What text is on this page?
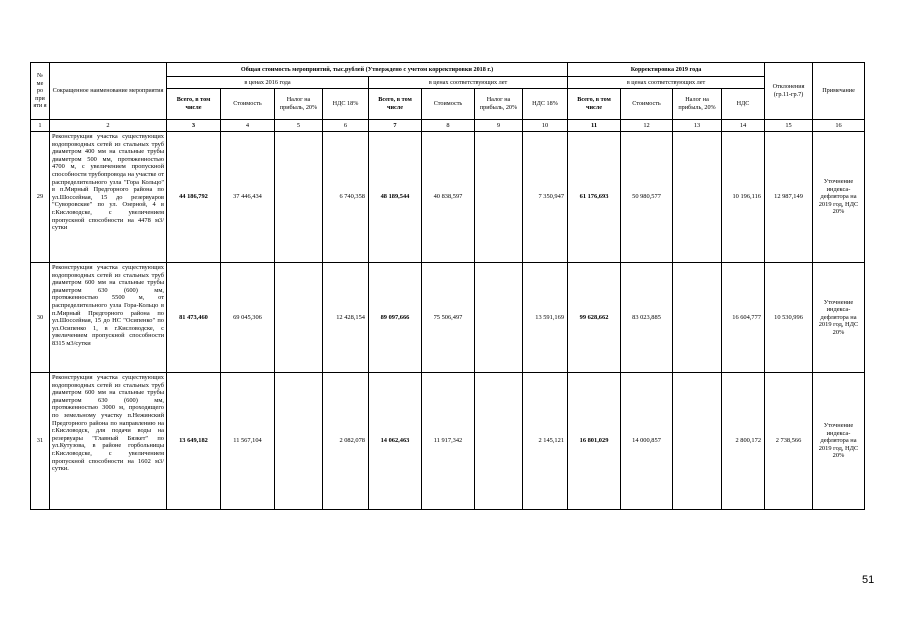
№ ме ро при яти я	Сокращенное наименование мероприятия	Общая стоимость мероприятий, тыс.рублей (Утверждено с учетом корректировки 2018 г.)								Корректировка 2019 года				Отклонения (гр.11-гр.7)	Примечание
		в ценах 2016 года				в ценах соответствующих лет				в ценах соответствующих лет					
		Всего, в том числе	Стоимость	Налог на прибыль, 20%	НДС 18%	Всего, в том числе	Стоимость	Налог на прибыль, 20%	НДС 18%	Всего, в том числе	Стоимость	Налог на прибыль, 20%	НДС		
1	2	3	4	5	6	7	8	9	10	11	12	13	14	15	16
29	Реконструкция участка существующих водопроводных сетей из стальных труб диаметром 400 мм на стальные трубы диаметром 500 мм, протяженностью 4700 м, с увеличением пропускной способности трубопровода на участке от распределительного узла "Гора Кольцо" в п.Мирный Предгорного района по ул.Шоссейная, 15 до резервуаров "Суворовские" по ул. Озерной, 4 в г.Кисловодске, с увеличением пропускной способности на 4478 м3/сутки	44 186,792	37 446,434		6 740,358	48 189,544	40 838,597		7 350,947	61 176,693	50 980,577		10 196,116	12 987,149	Уточнение индекса-дефлятора на 2019 год, НДС 20%
30	Реконструкция участка существующих водопроводных сетей из стальных труб диаметром 600 мм на стальные трубы диаметром 630 (600) мм, протяженностью 5500 м, от распределительного узла Гора-Кольцо в п.Мирный Предгорного района по ул.Шоссейная, 15 до НС "Осипенко" по ул.Осипенко 1, в г.Кисловодске, с увеличением пропускной способности 8315 м3/сутки	81 473,460	69 045,306		12 428,154	89 097,666	75 506,497		13 591,169	99 628,662	83 023,885		16 604,777	10 530,996	Уточнение индекса-дефлятора на 2019 год, НДС 20%
31	Реконструкция участка существующих водопроводных сетей из стальных труб диаметром 600 мм на стальные трубы диаметром 630 (600) мм, протяженностью 3000 м, проходящего по земельному участку п.Нежинский Предгорного района по направлению на г.Кисловодск, для подачи воды на резервуары "Главный Бязкет" по ул.Кутузова, в районе горбольницы г.Кисловодске, с увеличением пропускной способности на 1602 м3/сутки.	13 649,182	11 567,104		2 082,078	14 062,463	11 917,342		2 145,121	16 801,029	14 000,857		2 800,172	2 738,566	Уточнение индекса-дефлятора на 2019 год, НДС 20%
51
